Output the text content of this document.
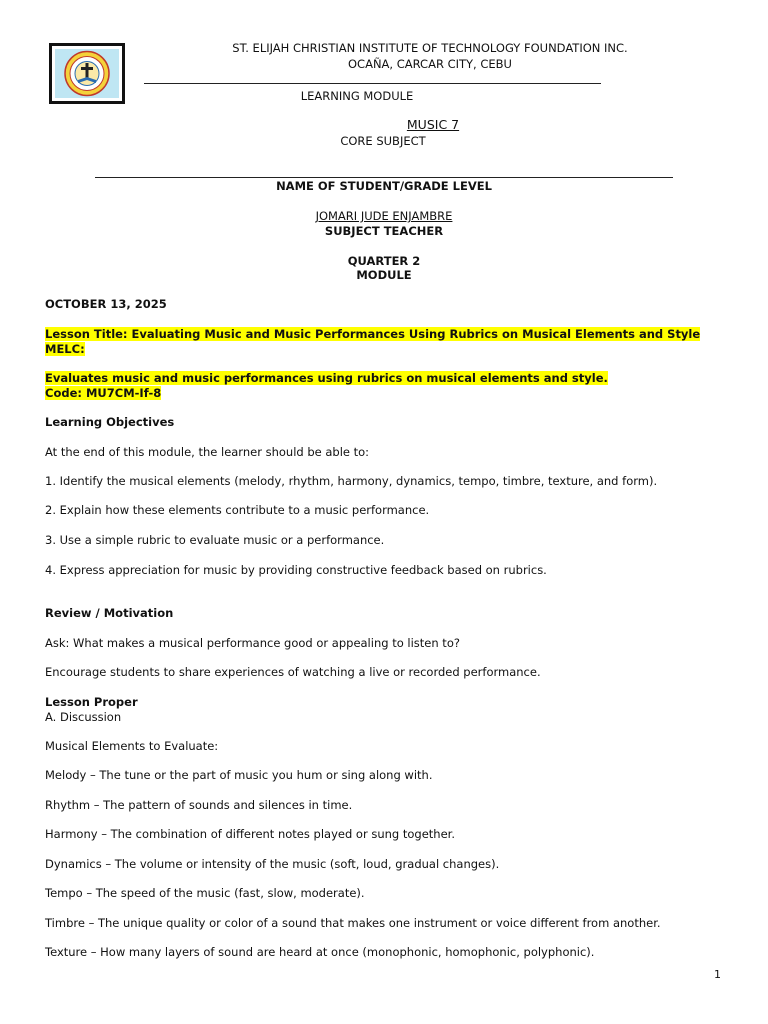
ST. ELIJAH CHRISTIAN INSTITUTE OF TECHNOLOGY FOUNDATION INC.
OCAÑA, CARCAR CITY, CEBU
LEARNING MODULE
MUSIC 7
CORE SUBJECT
NAME OF STUDENT/GRADE LEVEL
JOMARI JUDE ENJAMBRE
SUBJECT TEACHER
QUARTER 2
MODULE
OCTOBER 13, 2025
Lesson Title: Evaluating Music and Music Performances Using Rubrics on Musical Elements and Style
MELC:
Evaluates music and music performances using rubrics on musical elements and style.
Code: MU7CM-If-8
Learning Objectives
At the end of this module, the learner should be able to:
1. Identify the musical elements (melody, rhythm, harmony, dynamics, tempo, timbre, texture, and form).
2. Explain how these elements contribute to a music performance.
3. Use a simple rubric to evaluate music or a performance.
4. Express appreciation for music by providing constructive feedback based on rubrics.
Review / Motivation
Ask: What makes a musical performance good or appealing to listen to?
Encourage students to share experiences of watching a live or recorded performance.
Lesson Proper
A. Discussion
Musical Elements to Evaluate:
Melody – The tune or the part of music you hum or sing along with.
Rhythm – The pattern of sounds and silences in time.
Harmony – The combination of different notes played or sung together.
Dynamics – The volume or intensity of the music (soft, loud, gradual changes).
Tempo – The speed of the music (fast, slow, moderate).
Timbre – The unique quality or color of a sound that makes one instrument or voice different from another.
Texture – How many layers of sound are heard at once (monophonic, homophonic, polyphonic).
1
